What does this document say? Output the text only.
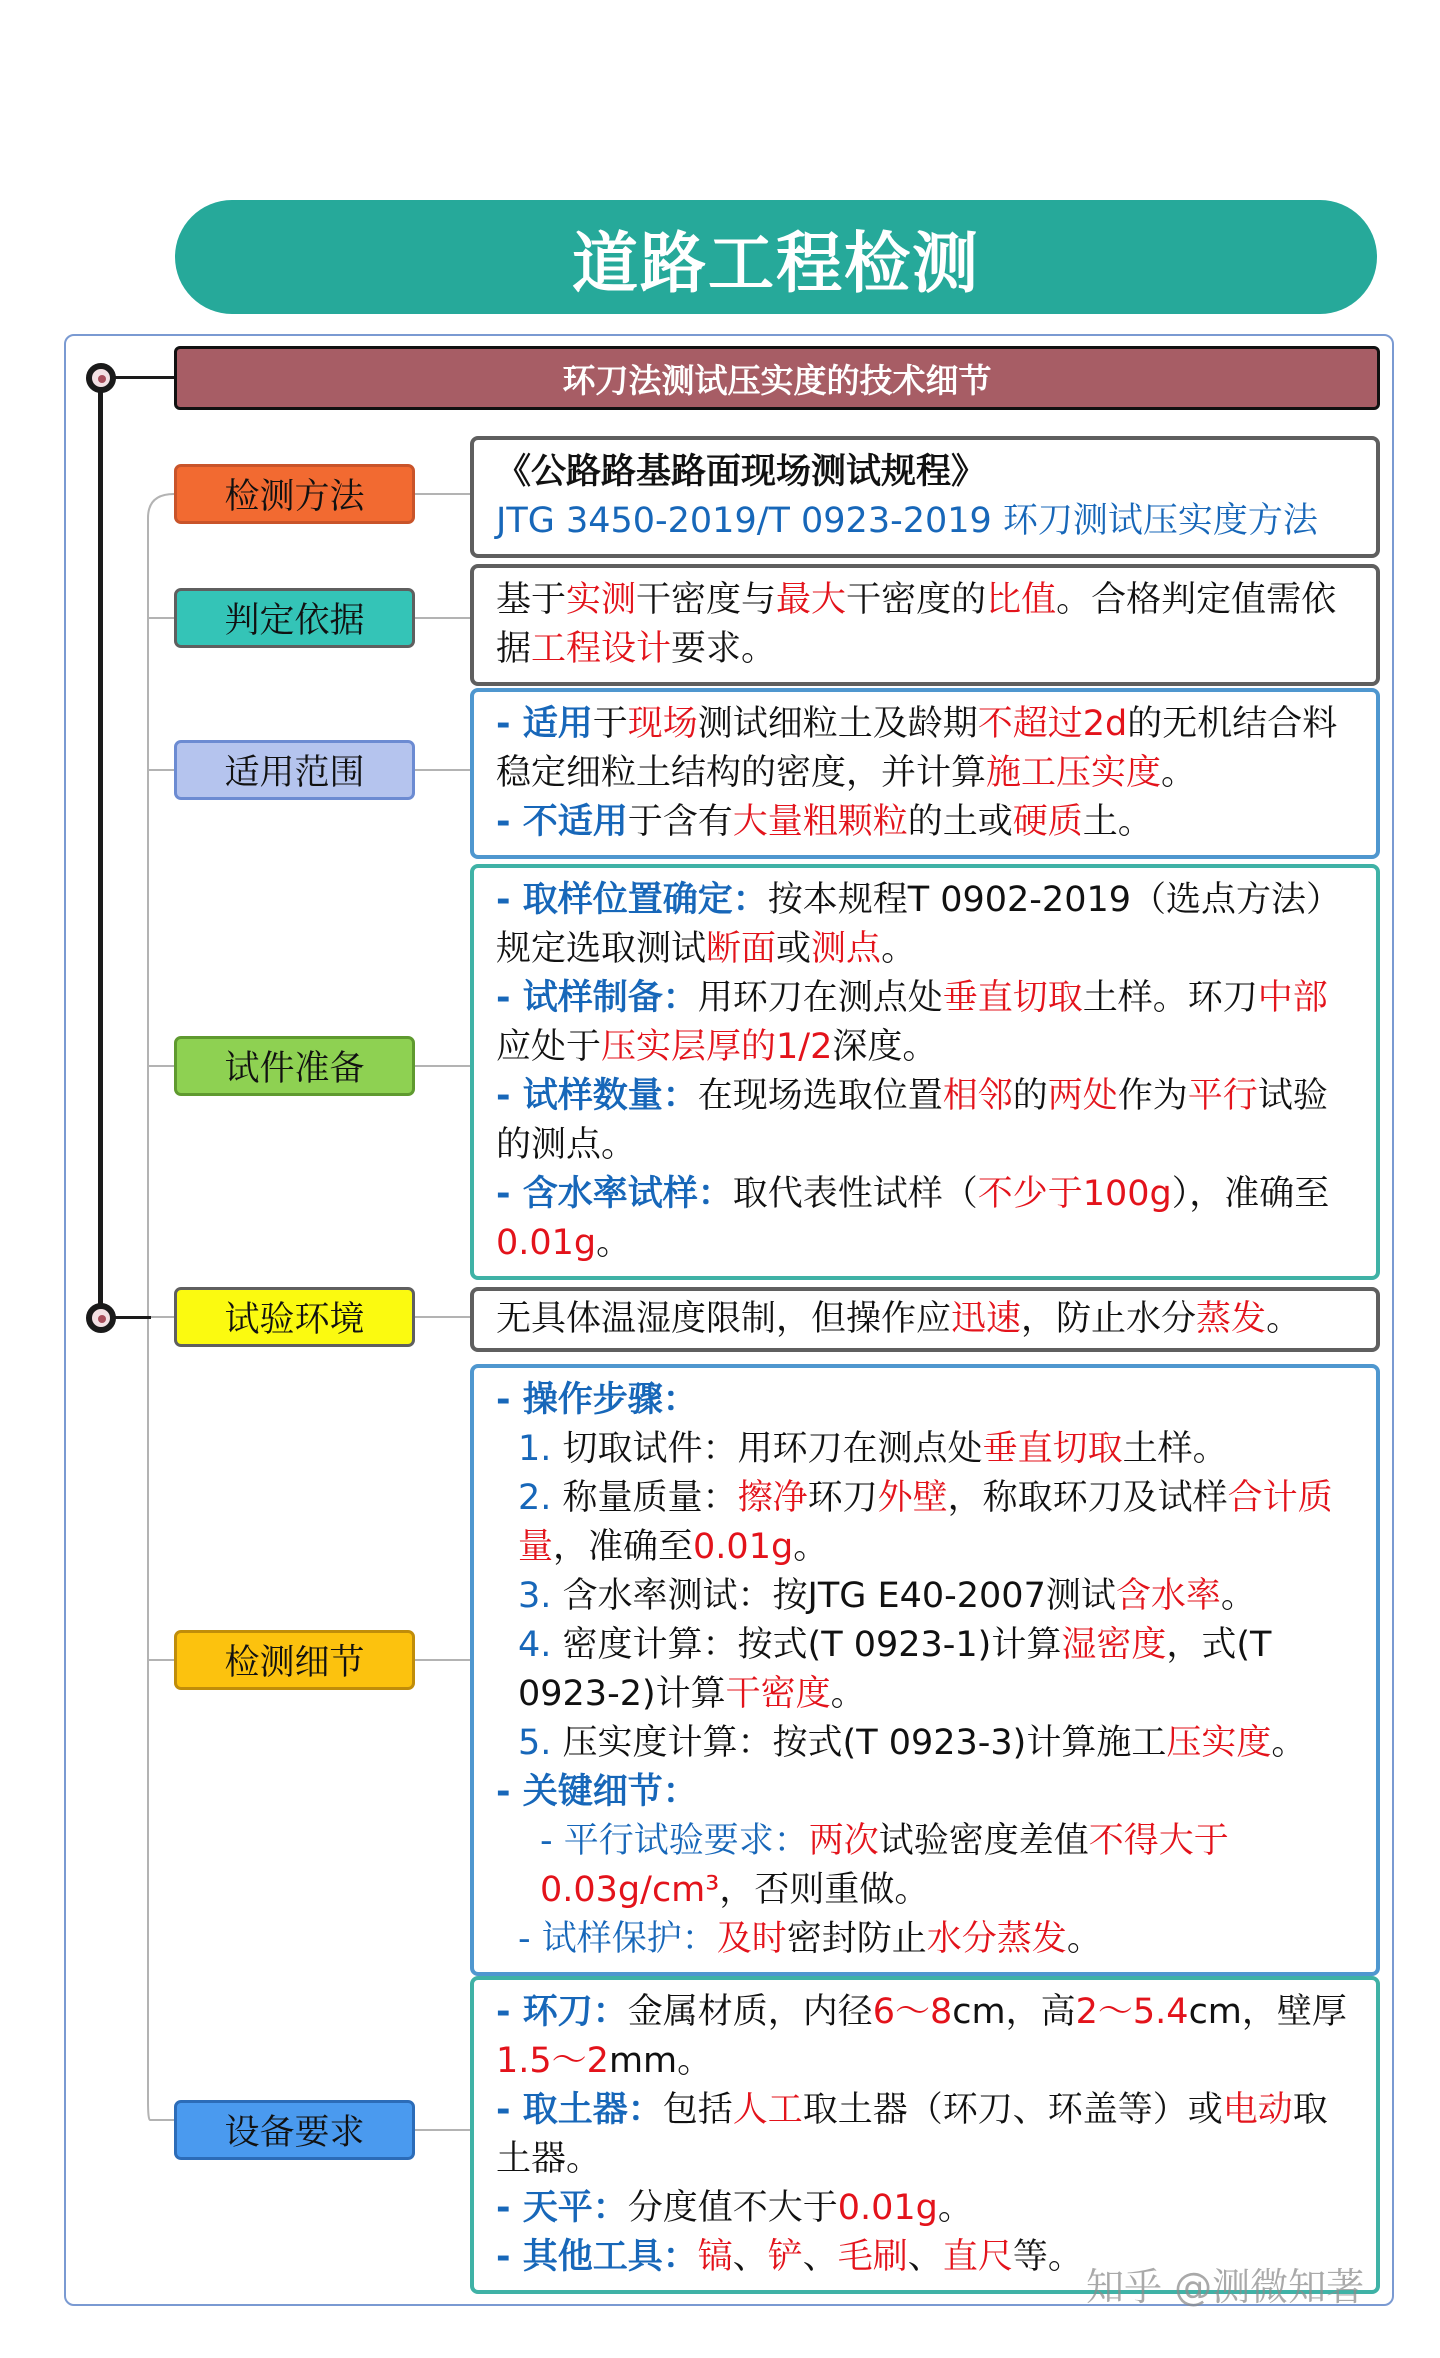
道路工程检测
环刀法测试压实度的技术细节
检测方法

《公路路基路面现场测试规程》

JTG 3450-2019/T 0923-2019 环刀测试压实度方法

判定依据

基于实测干密度与最大干密度的比值。合格判定值需依据工程设计要求。

适用范围

- 适用于现场测试细粒土及龄期不超过2d的无机结合料稳定细粒土结构的密度，并计算施工压实度。

- 不适用于含有大量粗颗粒的土或硬质土。

试件准备

- 取样位置确定：按本规程T 0902-2019（选点方法）规定选取测试断面或测点。

- 试样制备：用环刀在测点处垂直切取土样。环刀中部应处于压实层厚的1/2深度。

- 试样数量：在现场选取位置相邻的两处作为平行试验的测点。

- 含水率试样：取代表性试样（不少于100g），准确至0.01g。

试验环境	无具体温湿度限制，但操作应迅速，防止水分蒸发。

检测细节

- 操作步骤：

1. 切取试件：用环刀在测点处垂直切取土样。

2. 称量质量：擦净环刀外壁，称取环刀及试样合计质量，准确至0.01g。

3. 含水率测试：按JTG E40-2007测试含水率。

4. 密度计算：按式(T 0923-1)计算湿密度，式(T 0923-2)计算干密度。

5. 压实度计算：按式(T 0923-3)计算施工压实度。

- 关键细节：

- 平行试验要求：两次试验密度差值不得大于0.03g/cm³，否则重做。

- 试样保护：及时密封防止水分蒸发。

设备要求

- 环刀：金属材质，内径6～8cm，高2～5.4cm，壁厚1.5～2mm。

- 取土器：包括人工取土器（环刀、环盖等）或电动取土器。

- 天平：分度值不大于0.01g。

- 其他工具：镐、铲、毛刷、直尺等。

知乎 @测微知著
